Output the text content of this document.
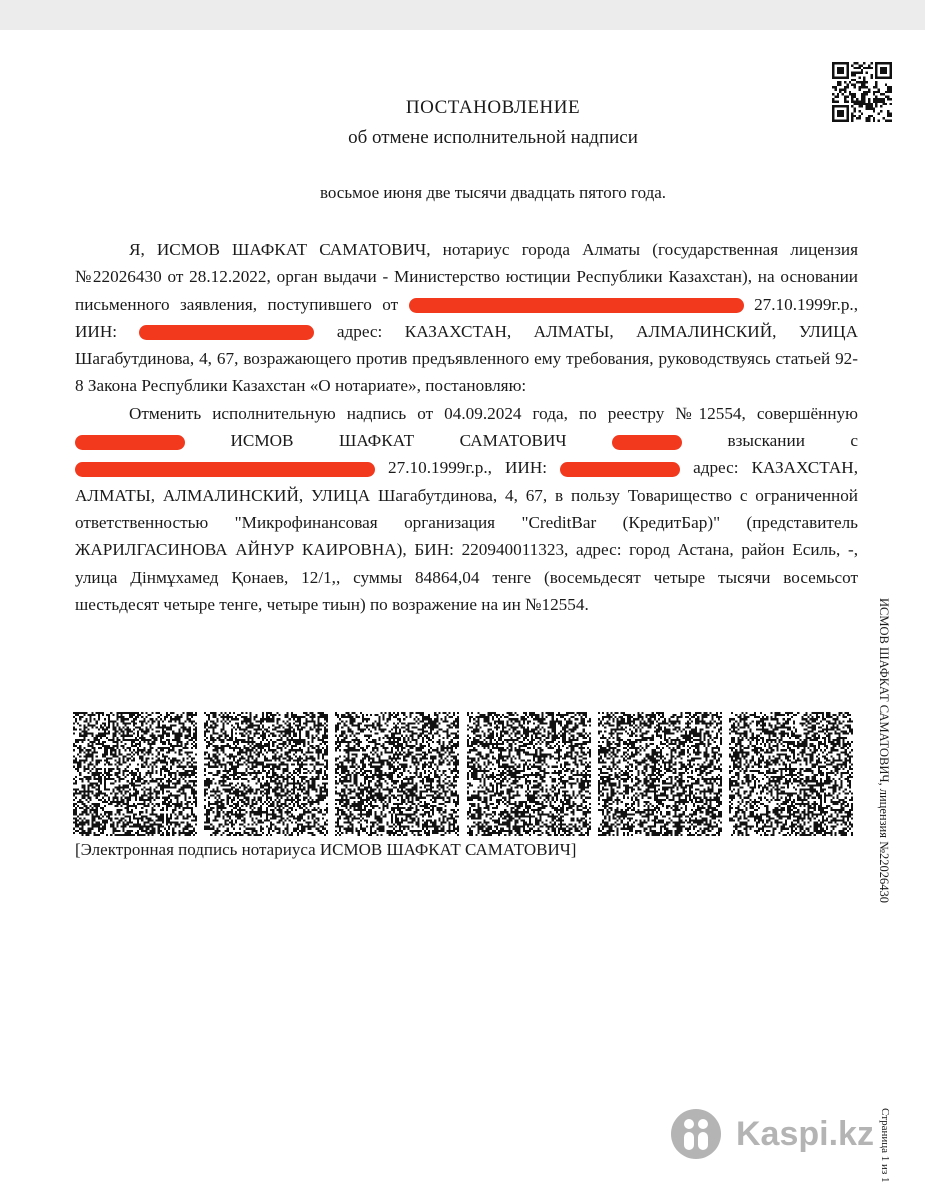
ПОСТАНОВЛЕНИЕ
об отмене исполнительной надписи
восьмое июня две тысячи двадцать пятого года.

Я, ИСМОВ ШАФКАТ САМАТОВИЧ, нотариус города Алматы (государственная лицензия №22026430 от 28.12.2022, орган выдачи - Министерство юстиции Республики Казахстан), на основании письменного заявления, поступившего от	27.10.1999г.р., ИИН:	адрес: КАЗАХСТАН, АЛМАТЫ, АЛМАЛИНСКИЙ, УЛИЦА Шагабутдинова, 4, 67, возражающего против предъявленного ему требования, руководствуясь статьей 92-8 Закона Республики Казахстан «О нотариате», постановляю:

Отменить исполнительную надпись от 04.09.2024 года, по реестру №12554, совершённую  ИСМОВ ШАФКАТ САМАТОВИЧ	взыскании с  27.10.1999г.р., ИИН:	адрес: КАЗАХСТАН, АЛМАТЫ, АЛМАЛИНСКИЙ, УЛИЦА Шагабутдинова, 4, 67, в пользу Товарищество с ограниченной ответственностью "Микрофинансовая организация "CreditBar (КредитБар)" (представитель ЖАРИЛГАСИНОВА АЙНУР КАИРОВНА), БИН: 220940011323, адрес: город Астана, район Есиль, -, улица Дінмұхамед Қонаев, 12/1,, суммы 84864,04 тенге (восемьдесят четыре тысячи восемьсот шестьдесят четыре тенге, четыре тиын) по возражение на ин №12554.

[Электронная подпись нотариуса ИСМОВ ШАФКАТ САМАТОВИЧ]	ИСМОВ ШАФКАТ САМАТОВИЧ, лицензия №22026430
Страница 1 из 1
Kaspi.kz
